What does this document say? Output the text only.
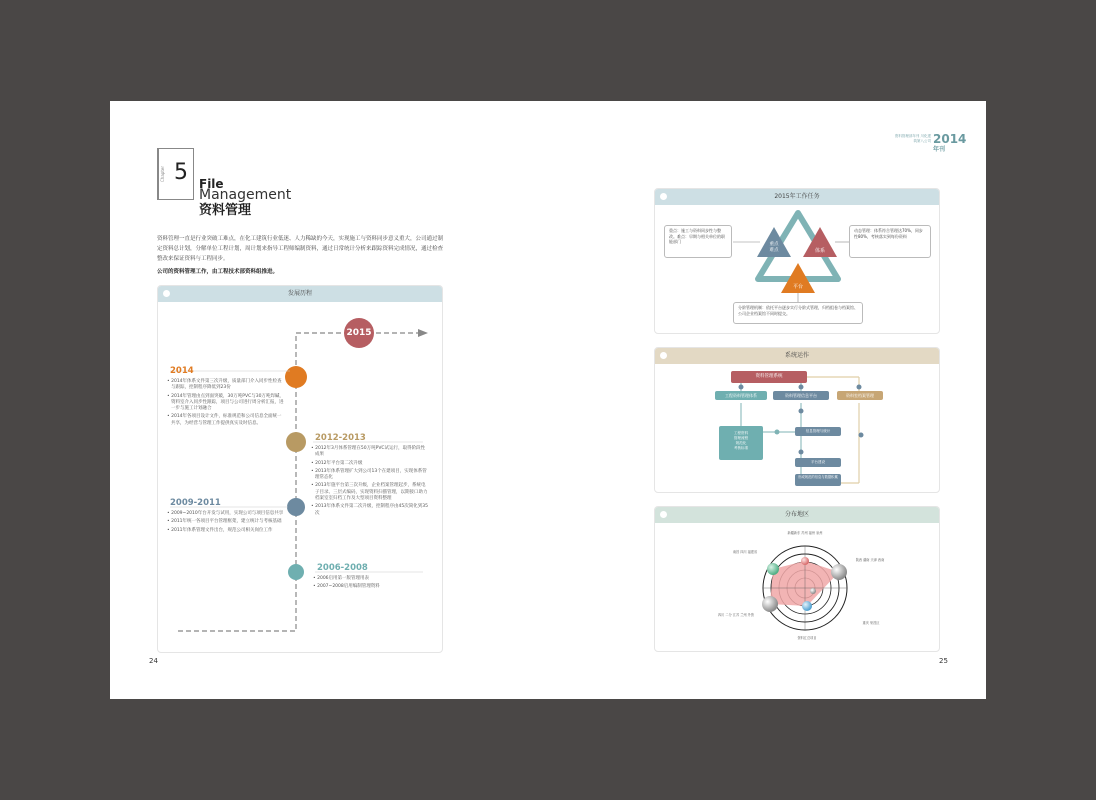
Chapter 5 File
Management
资料管理
资料管理一直是行业突破工难点，在化工建筑行业低迷、人力稀缺的今天，实现施工与资料同步意义重大，公司通过制定资料总计划，分解单位工程计划，周计划来指导工程师编制资料，通过日常统计分析来跟踪资料完成情况，通过检查整改来保证资料与工程同步。
公司的资料管理工作，由工程技术部资料组推进。
发展历程
2015
2014
• 2014年体系文件第三次升级，质量部门介入同步性检查与跟踪，控制程序降低到23份
• 2014年管理由点到面突破，30万吨PVC与30万吨焊碱，资料室介入同步性跟踪，项目与公司进行周分析汇报，进一步与施工计划融合
• 2014年各项目设计文件，标准规范和公司信息全面统一共享，为经营与管理工作提供真实及时信息。
2012-2013
• 2012年3月体系管理在50万吨PVC试运行，取得阶段性成果
• 2012年平台第二次升级
• 2013年体系管理扩大到公司13个在建项目，实现体系管理常态化
• 2013年施平台第三次升级，企业档案管理起步，系统电子目录、三层式编码，实现资料扫描管理，以期接口助力档案室室归档工作及大型项目资料整理
• 2013年体系文件第二次升级，控制程序由45次简化到35次
2009-2011
• 2009~2010年台开发与试用，实现公司与项目信息共享
• 2011年统一各项目平台管理框架，建立统计与考核基础
• 2011年体系管理文件出台，规范公司相关岗位工作
2006-2008
• 2006启用第一版管理用表
• 2007~2008启用编制管理资料
24
资料管理部年刊 川化建筑第八公司 2014
年刊
2015年工作任务
重点
难点	体系
平台
重点：施工与资料同步性与整改。难点：早期与相关单位的职能部门
动态管理：体系符合管理达70%，同步性80%，考核落实到每份资料
分阶管理机制：依托平台逐步实行分阶式管理，归档组卷与档案馆、公司企业档案馆不同时提交。
系统运作
资料管理系统
工程资料管理体系	资料管理信息平台	资料室档案管理
工程资料
管理流程
规范化
考核标准
信息管理与统计
平台建设
形成规范的信息与数据积累
分布地区
新疆新东 苏州 福州 泉州
南昌 四川 福建省
陕西 湖南 天津 西南
重庆 荣昌区
四川 二分 江苏 兰州 外资
资料汇总项目
25
